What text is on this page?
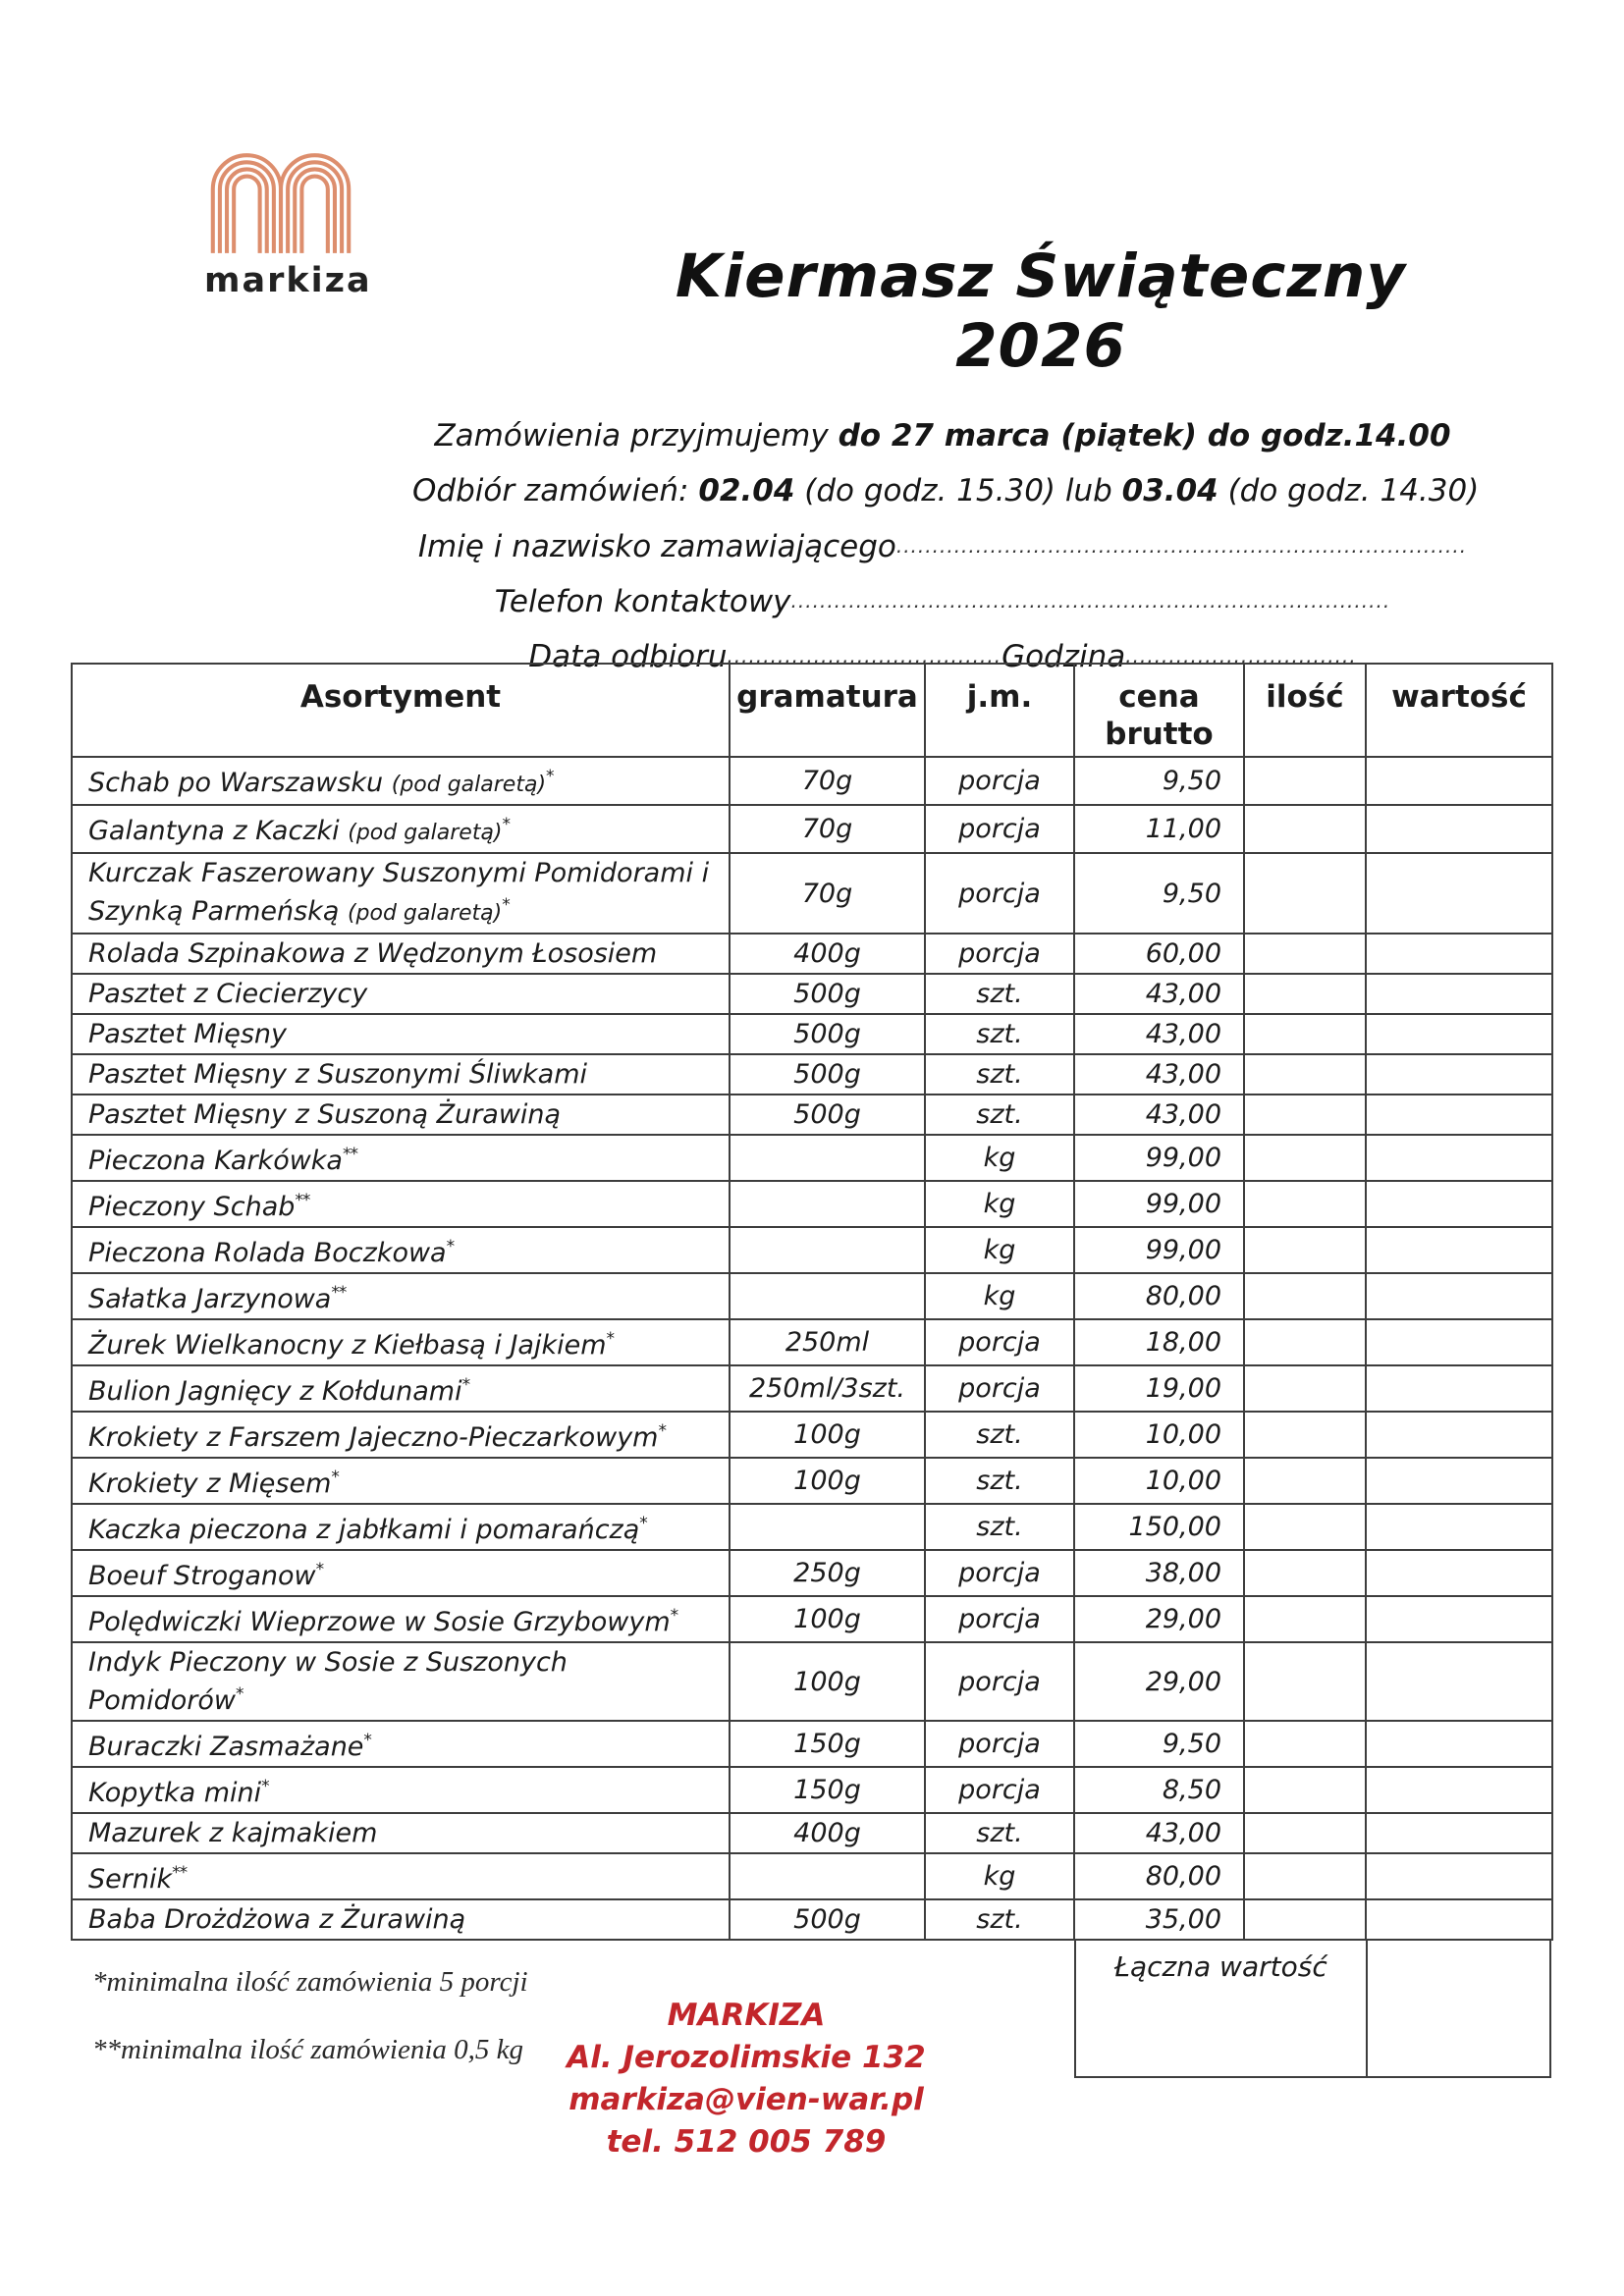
markiza	Kiermasz Świąteczny 2026
Zamówienia przyjmujemy do 27 marca (piątek) do godz.14.00
Odbiór zamówień: 02.04 (do godz. 15.30) lub 03.04 (do godz. 14.30)
Imię i nazwisko zamawiającego...............................................................................
Telefon kontaktowy...................................................................................
Data odbioru......................................Godzina................................
Asortyment	gramatura	j.m.	cena brutto	ilość	wartość
Schab po Warszawsku (pod galaretą)*	70g	porcja	9,50		
Galantyna z Kaczki (pod galaretą)*	70g	porcja	11,00		
Kurczak Faszerowany Suszonymi Pomidorami i Szynką Parmeńską (pod galaretą)*	70g	porcja	9,50		
Rolada Szpinakowa z Wędzonym Łososiem	400g	porcja	60,00		
Pasztet z Ciecierzycy	500g	szt.	43,00		
Pasztet Mięsny	500g	szt.	43,00		
Pasztet Mięsny z Suszonymi Śliwkami	500g	szt.	43,00		
Pasztet Mięsny z Suszoną Żurawiną	500g	szt.	43,00		
Pieczona Karkówka**		kg	99,00		
Pieczony Schab**		kg	99,00		
Pieczona Rolada Boczkowa*		kg	99,00		
Sałatka Jarzynowa**		kg	80,00		
Żurek Wielkanocny z Kiełbasą i Jajkiem*	250ml	porcja	18,00		
Bulion Jagnięcy z Kołdunami*	250ml/3szt.	porcja	19,00		
Krokiety z Farszem Jajeczno-Pieczarkowym*	100g	szt.	10,00		
Krokiety z Mięsem*	100g	szt.	10,00		
Kaczka pieczona z jabłkami i pomarańczą*		szt.	150,00		
Boeuf Stroganow*	250g	porcja	38,00		
Polędwiczki Wieprzowe w Sosie Grzybowym*	100g	porcja	29,00		
Indyk Pieczony w Sosie z Suszonych Pomidorów*	100g	porcja	29,00		
Buraczki Zasmażane*	150g	porcja	9,50		
Kopytka mini*	150g	porcja	8,50		
Mazurek z kajmakiem	400g	szt.	43,00		
Sernik**		kg	80,00		
Baba Drożdżowa z Żurawiną	500g	szt.	35,00		
*minimalna ilość zamówienia 5 porcji
**minimalna ilość zamówienia 0,5 kg
Łączna wartość
MARKIZA
Al. Jerozolimskie 132
markiza@vien-war.pl
tel. 512 005 789
